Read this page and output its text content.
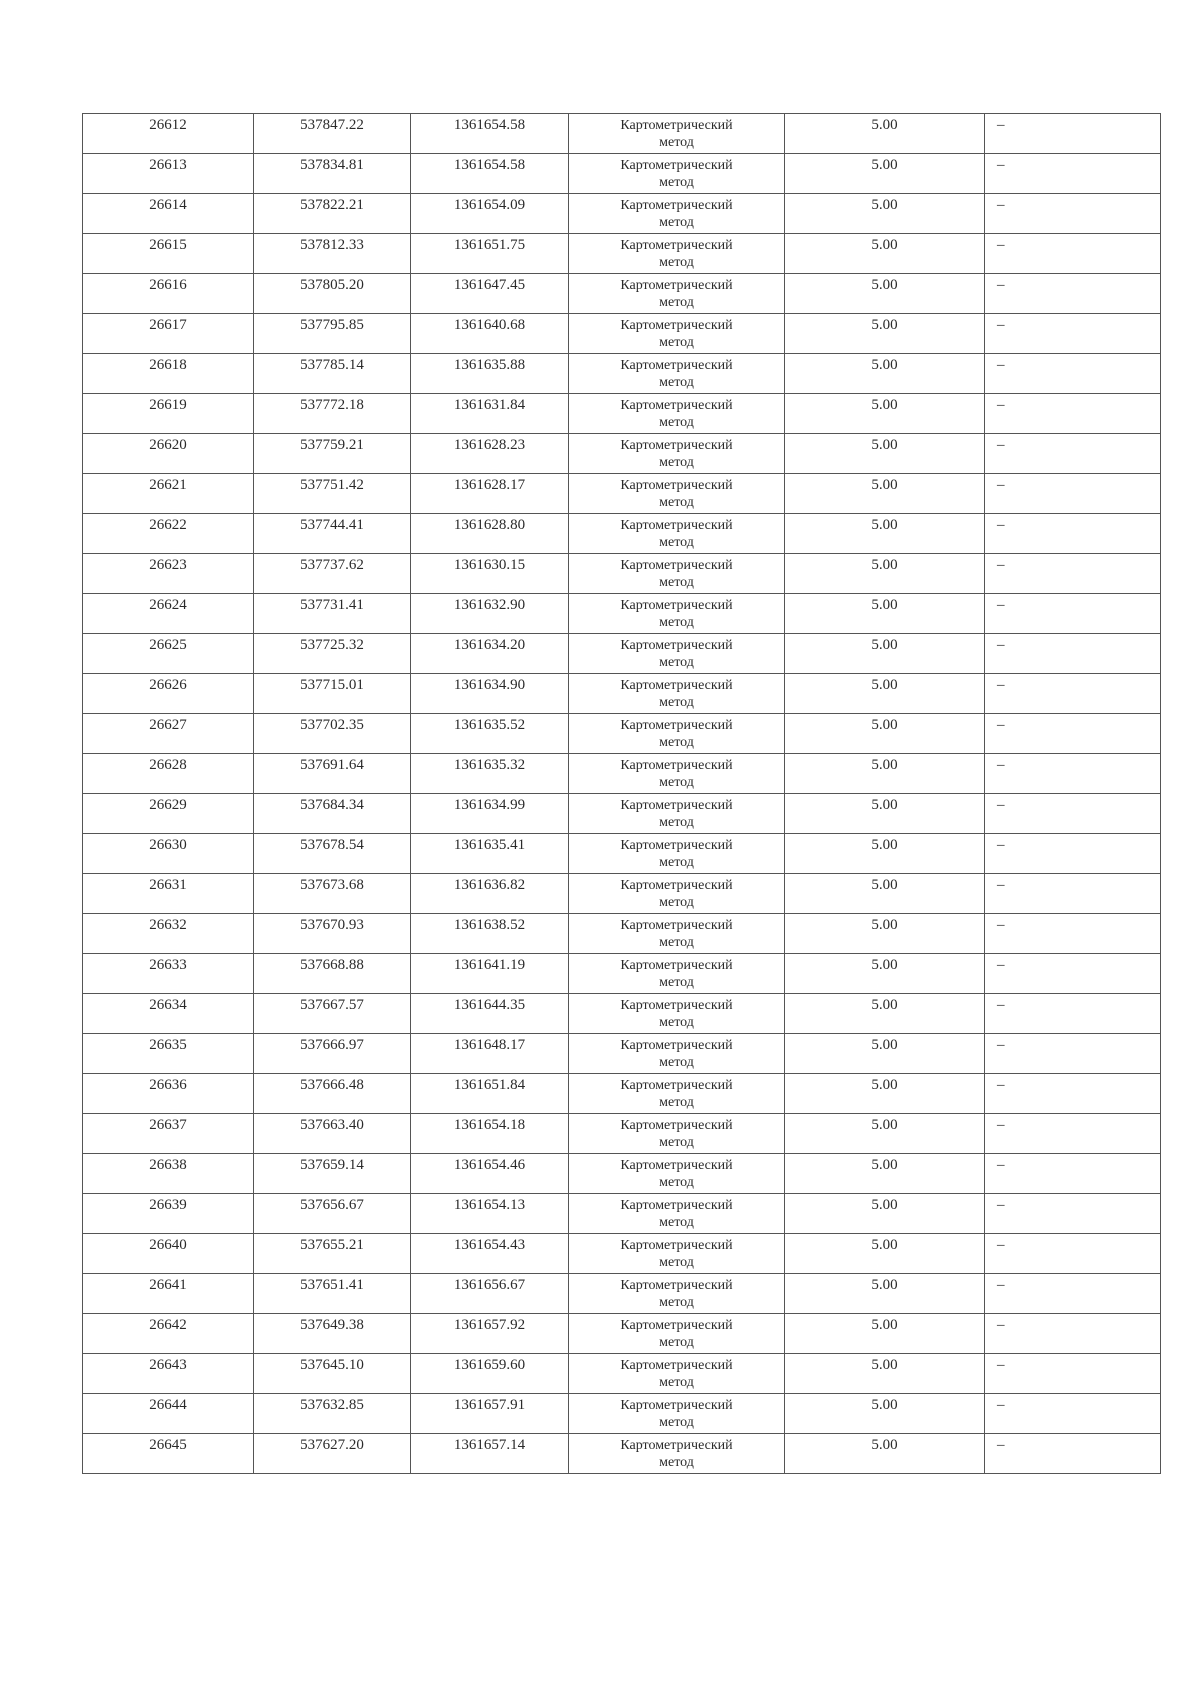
26612	537847.22	1361654.58	Картометрический
метод	5.00	–
26613	537834.81	1361654.58	Картометрический
метод	5.00	–
26614	537822.21	1361654.09	Картометрический
метод	5.00	–
26615	537812.33	1361651.75	Картометрический
метод	5.00	–
26616	537805.20	1361647.45	Картометрический
метод	5.00	–
26617	537795.85	1361640.68	Картометрический
метод	5.00	–
26618	537785.14	1361635.88	Картометрический
метод	5.00	–
26619	537772.18	1361631.84	Картометрический
метод	5.00	–
26620	537759.21	1361628.23	Картометрический
метод	5.00	–
26621	537751.42	1361628.17	Картометрический
метод	5.00	–
26622	537744.41	1361628.80	Картометрический
метод	5.00	–
26623	537737.62	1361630.15	Картометрический
метод	5.00	–
26624	537731.41	1361632.90	Картометрический
метод	5.00	–
26625	537725.32	1361634.20	Картометрический
метод	5.00	–
26626	537715.01	1361634.90	Картометрический
метод	5.00	–
26627	537702.35	1361635.52	Картометрический
метод	5.00	–
26628	537691.64	1361635.32	Картометрический
метод	5.00	–
26629	537684.34	1361634.99	Картометрический
метод	5.00	–
26630	537678.54	1361635.41	Картометрический
метод	5.00	–
26631	537673.68	1361636.82	Картометрический
метод	5.00	–
26632	537670.93	1361638.52	Картометрический
метод	5.00	–
26633	537668.88	1361641.19	Картометрический
метод	5.00	–
26634	537667.57	1361644.35	Картометрический
метод	5.00	–
26635	537666.97	1361648.17	Картометрический
метод	5.00	–
26636	537666.48	1361651.84	Картометрический
метод	5.00	–
26637	537663.40	1361654.18	Картометрический
метод	5.00	–
26638	537659.14	1361654.46	Картометрический
метод	5.00	–
26639	537656.67	1361654.13	Картометрический
метод	5.00	–
26640	537655.21	1361654.43	Картометрический
метод	5.00	–
26641	537651.41	1361656.67	Картометрический
метод	5.00	–
26642	537649.38	1361657.92	Картометрический
метод	5.00	–
26643	537645.10	1361659.60	Картометрический
метод	5.00	–
26644	537632.85	1361657.91	Картометрический
метод	5.00	–
26645	537627.20	1361657.14	Картометрический
метод	5.00	–
